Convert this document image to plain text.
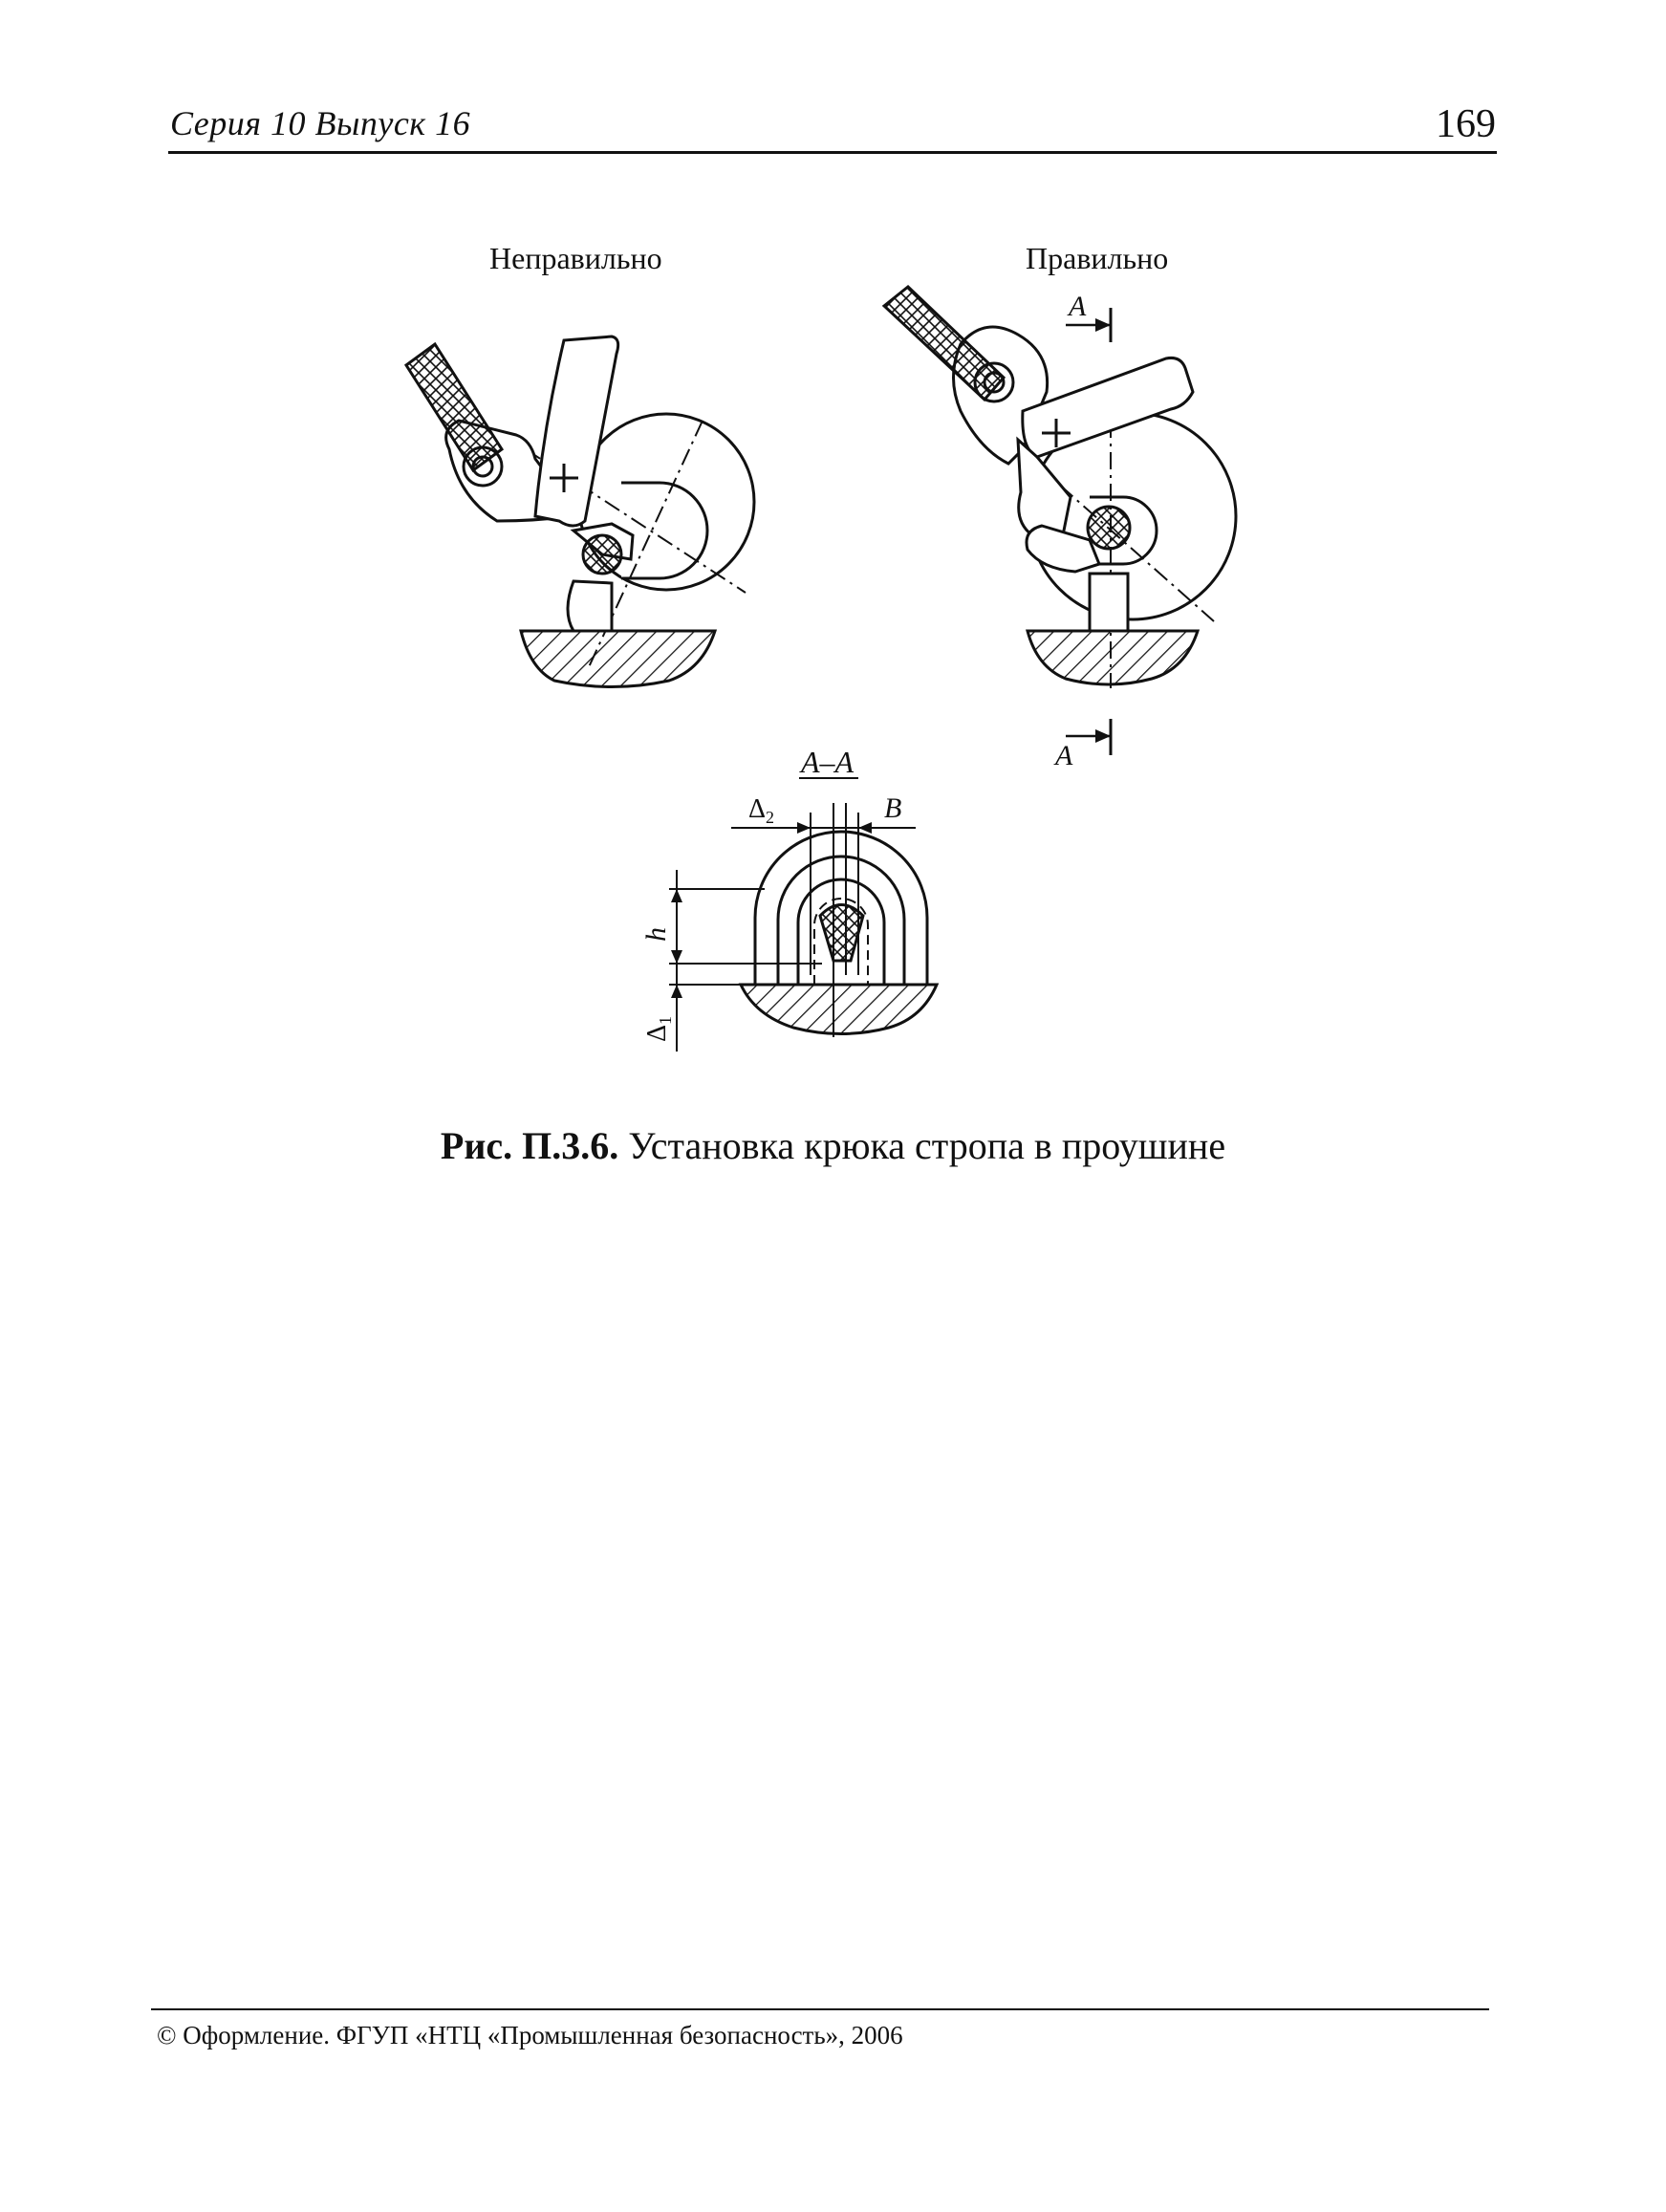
Серия 10 Выпуск 16	169
Неправильно	Правильно
A
A
A–A
$\Delta_2$	B
h
$\Delta_1$
Рис. П.3.6. Установка крюка стропа в проушине
© Оформление. ФГУП «НТЦ «Промышленная безопасность», 2006
